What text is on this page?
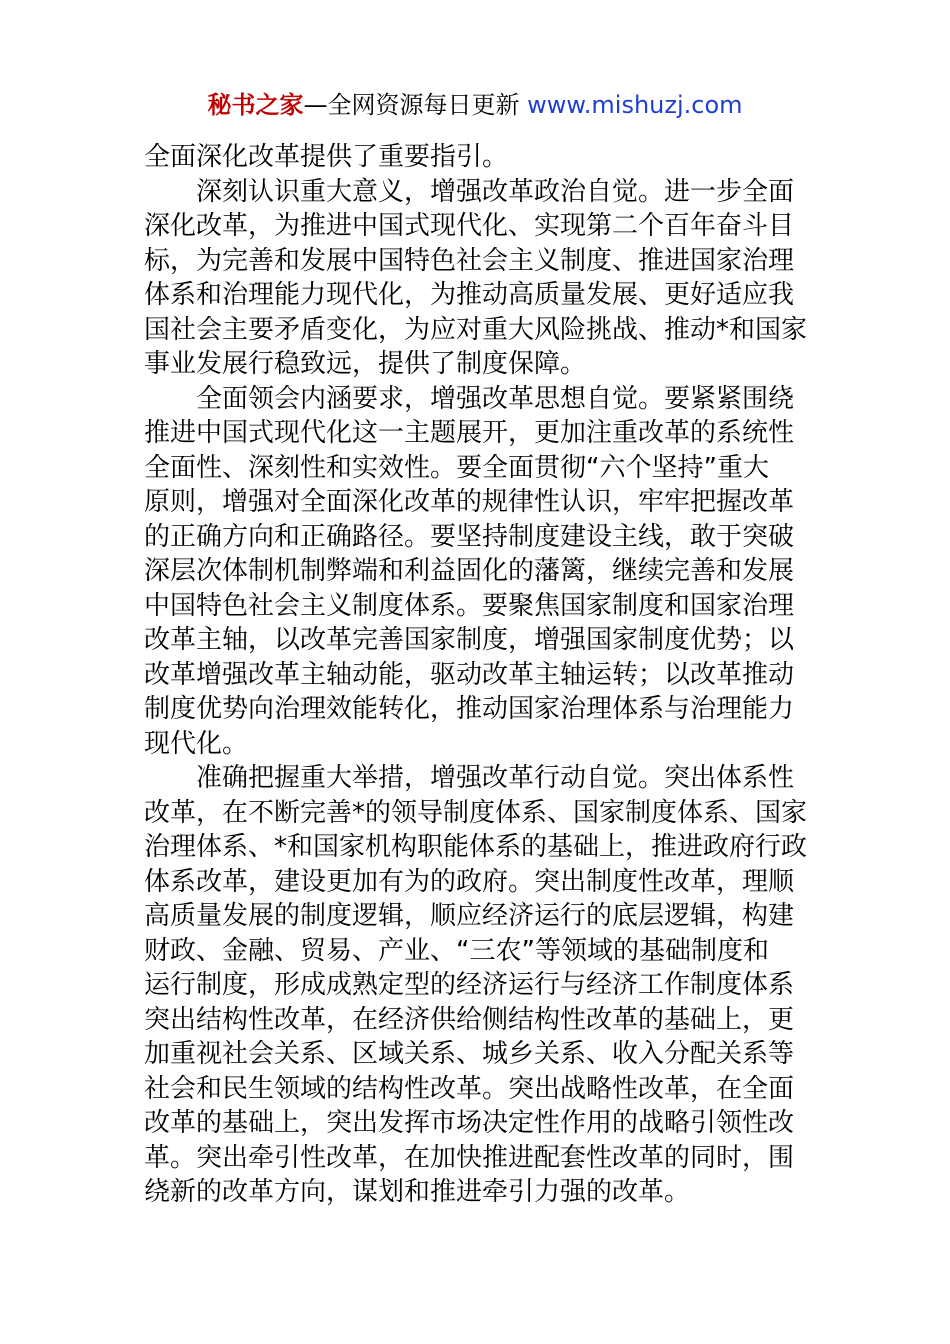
秘书之家—全网资源每日更新 www.mishuzj.com
全面深化改革提供了重要指引。
深刻认识重大意义，增强改革政治自觉。进一步全面
深化改革，为推进中国式现代化、实现第二个百年奋斗目
标，为完善和发展中国特色社会主义制度、推进国家治理
体系和治理能力现代化，为推动高质量发展、更好适应我
国社会主要矛盾变化，为应对重大风险挑战、推动*和国家
事业发展行稳致远，提供了制度保障。
全面领会内涵要求，增强改革思想自觉。要紧紧围绕
推进中国式现代化这一主题展开，更加注重改革的系统性
全面性、深刻性和实效性。要全面贯彻“六个坚持”重大
原则，增强对全面深化改革的规律性认识，牢牢把握改革
的正确方向和正确路径。要坚持制度建设主线，敢于突破
深层次体制机制弊端和利益固化的藩篱，继续完善和发展
中国特色社会主义制度体系。要聚焦国家制度和国家治理
改革主轴，以改革完善国家制度，增强国家制度优势；以
改革增强改革主轴动能，驱动改革主轴运转；以改革推动
制度优势向治理效能转化，推动国家治理体系与治理能力
现代化。
准确把握重大举措，增强改革行动自觉。突出体系性
改革，在不断完善*的领导制度体系、国家制度体系、国家
治理体系、*和国家机构职能体系的基础上，推进政府行政
体系改革，建设更加有为的政府。突出制度性改革，理顺
高质量发展的制度逻辑，顺应经济运行的底层逻辑，构建
财政、金融、贸易、产业、“三农”等领域的基础制度和
运行制度，形成成熟定型的经济运行与经济工作制度体系
突出结构性改革，在经济供给侧结构性改革的基础上，更
加重视社会关系、区域关系、城乡关系、收入分配关系等
社会和民生领域的结构性改革。突出战略性改革，在全面
改革的基础上，突出发挥市场决定性作用的战略引领性改
革。突出牵引性改革，在加快推进配套性改革的同时，围
绕新的改革方向，谋划和推进牵引力强的改革。
